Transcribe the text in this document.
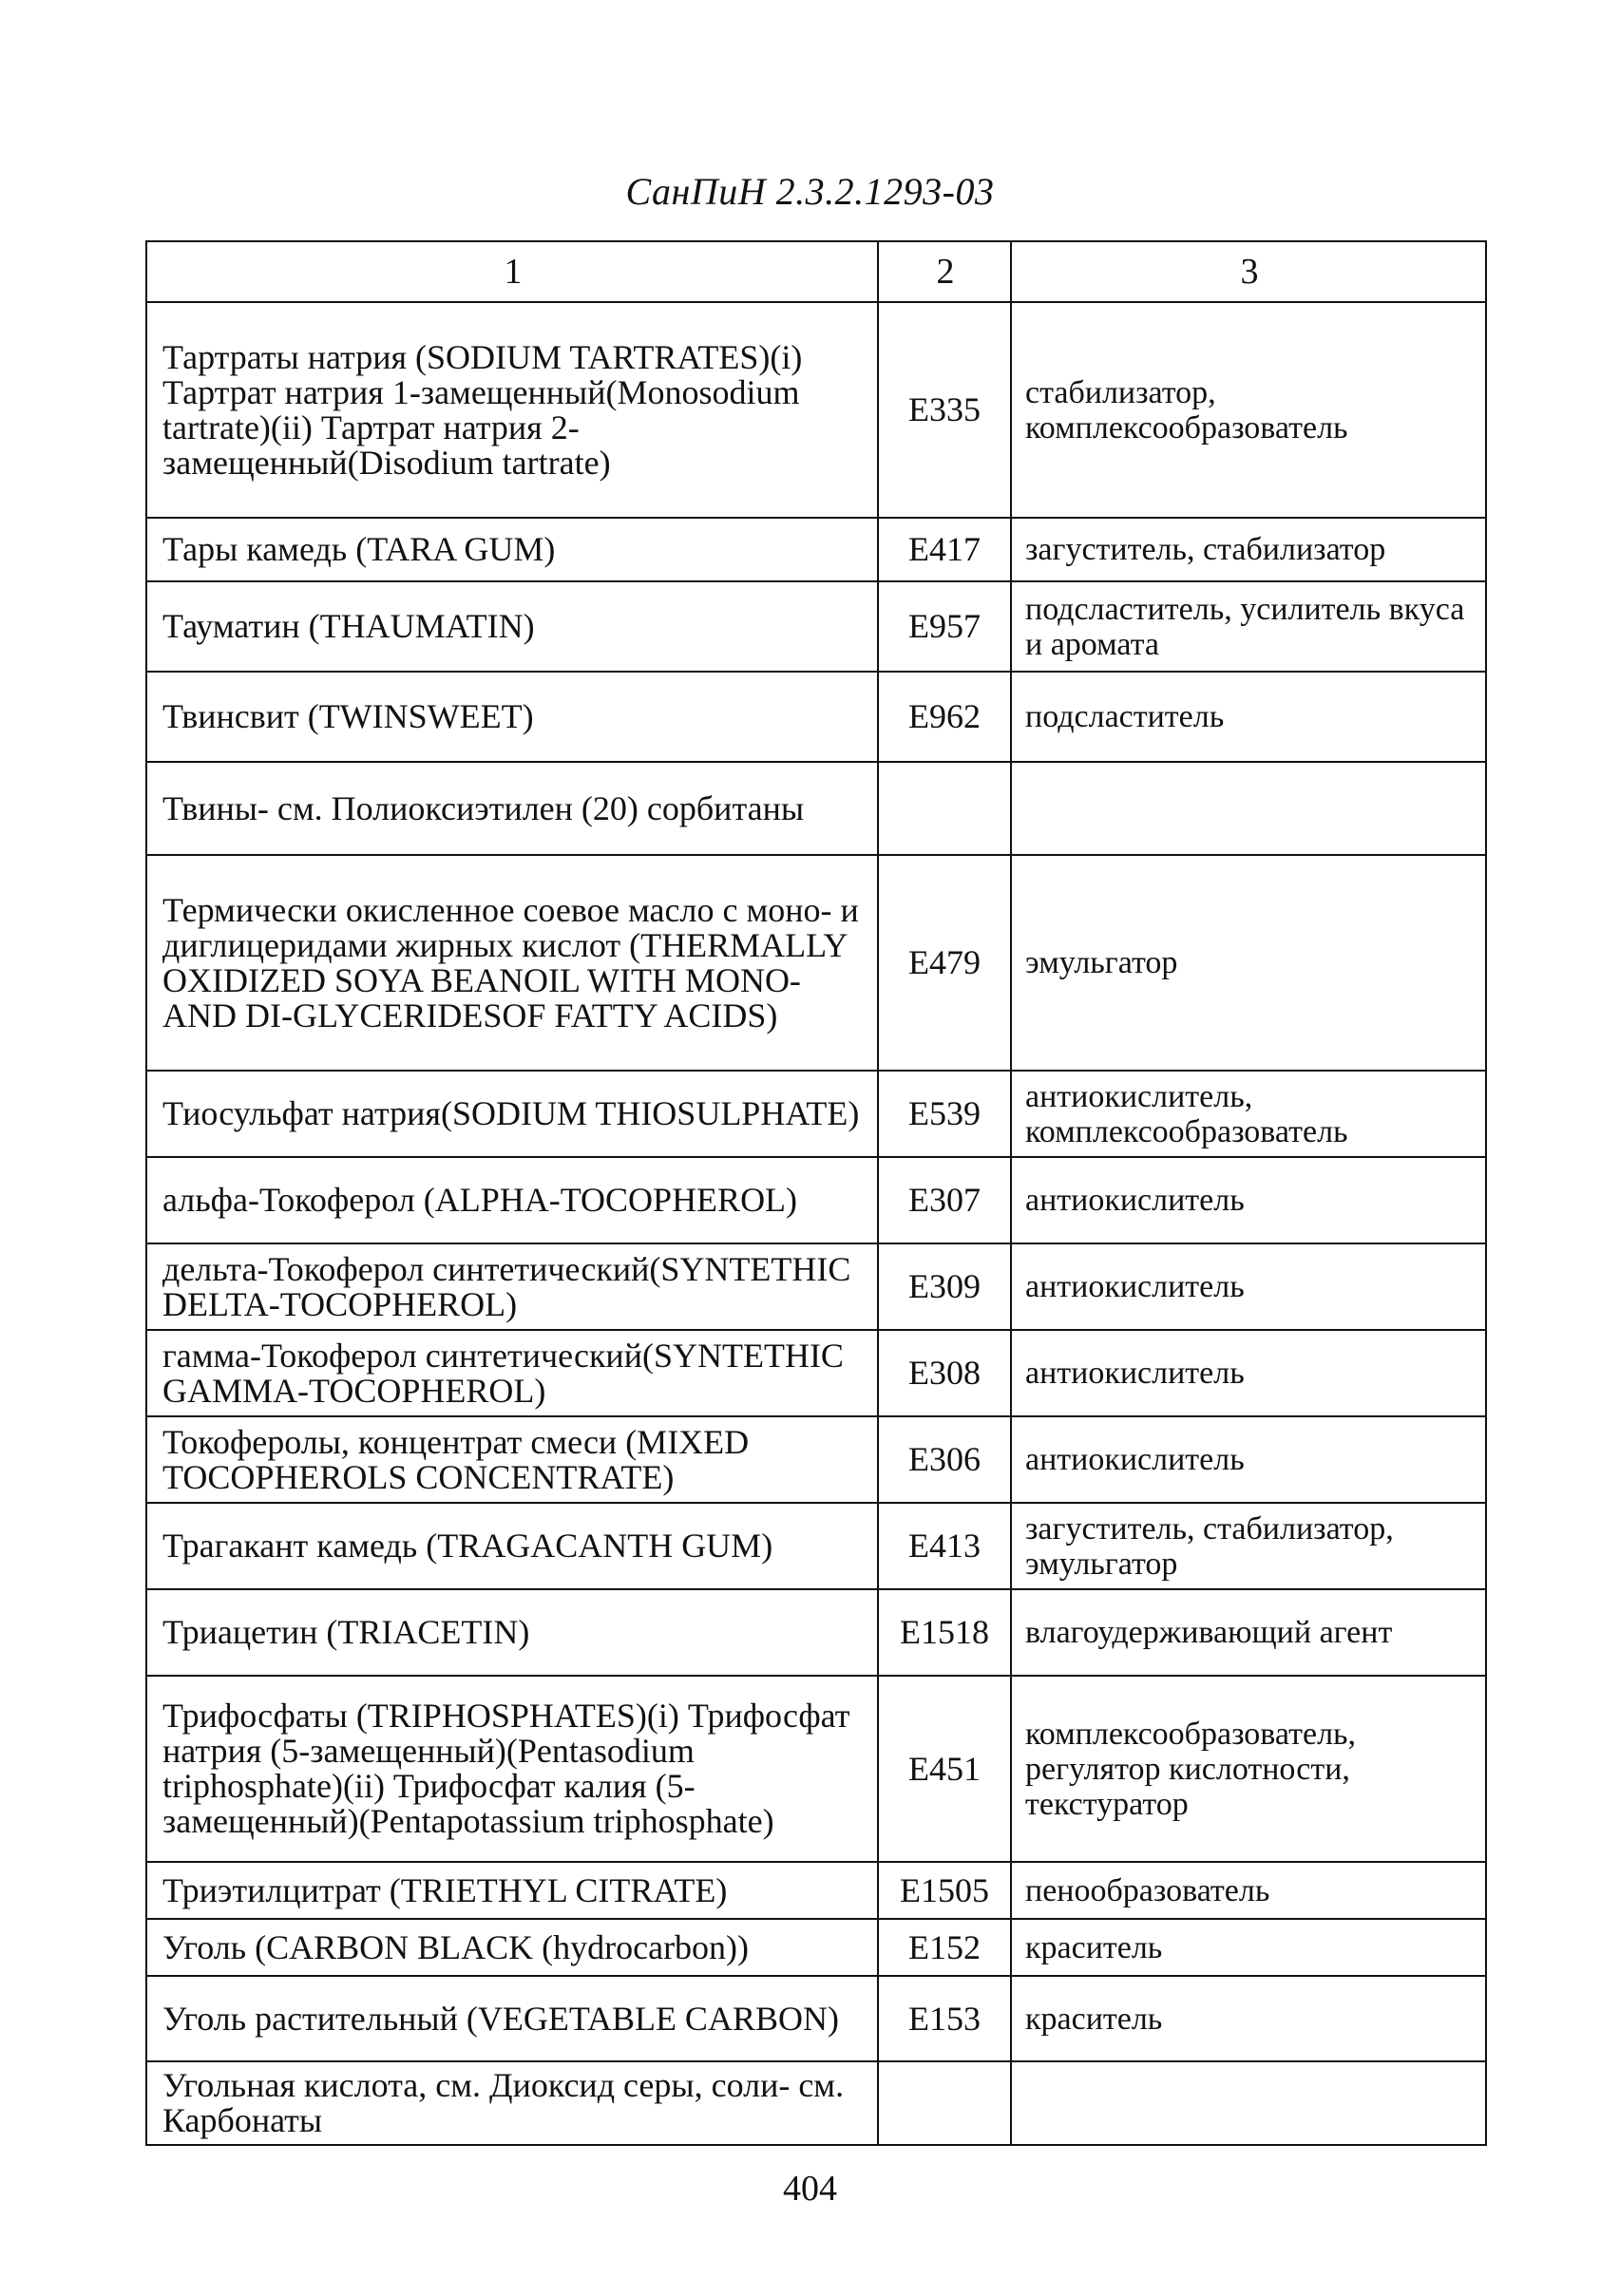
СанПиН 2.3.2.1293-03
1	2	3
Тартраты натрия (SODIUM TARTRATES)(i) Тартрат натрия 1-замещенный(Monosodium tartrate)(ii) Тартрат натрия 2-замещенный(Disodium tartrate)	E335	стабилизатор, комплексообразователь
Тары камедь (TARA GUM)	E417	загуститель, стабилизатор
Тауматин (THAUMATIN)	E957	подсластитель, усилитель вкуса и аромата
Твинсвит (TWINSWEET)	E962	подсластитель
Твины- см. Полиоксиэтилен (20) сорбитаны		
Термически окисленное соевое масло с моно- и диглицеридами жирных кислот (THERMALLY OXIDIZED SOYA BEANOIL WITH MONO- AND DI-GLYCERIDESOF FATTY ACIDS)	E479	эмульгатор
Тиосульфат натрия(SODIUM THIOSULPHATE)	E539	антиокислитель, комплексообразователь
альфа-Токоферол (ALPHA-TOCOPHEROL)	E307	антиокислитель
дельта-Токоферол синтетический(SYNTETHIC DELTA-TOCOPHEROL)	E309	антиокислитель
гамма-Токоферол синтетический(SYNTETHIC GAMMA-TOCOPHEROL)	E308	антиокислитель
Токоферолы, концентрат смеси (MIXED TOCOPHEROLS CONCENTRATE)	E306	антиокислитель
Трагакант камедь (TRAGACANTH GUM)	E413	загуститель, стабилизатор, эмульгатор
Триацетин (TRIACETIN)	E1518	влагоудерживающий агент
Трифосфаты (TRIPHOSPHATES)(i) Трифосфат натрия (5-замещенный)(Pentasodium triphosphate)(ii) Трифосфат калия (5-замещенный)(Pentapotassium triphosphate)	E451	комплексообразователь, регулятор кислотности, текстуратор
Триэтилцитрат (TRIETHYL CITRATE)	E1505	пенообразователь
Уголь (CARBON BLACK (hydrocarbon))	E152	краситель
Уголь растительный (VEGETABLE CARBON)	E153	краситель
Угольная кислота, см. Диоксид серы, соли- см. Карбонаты		
404
